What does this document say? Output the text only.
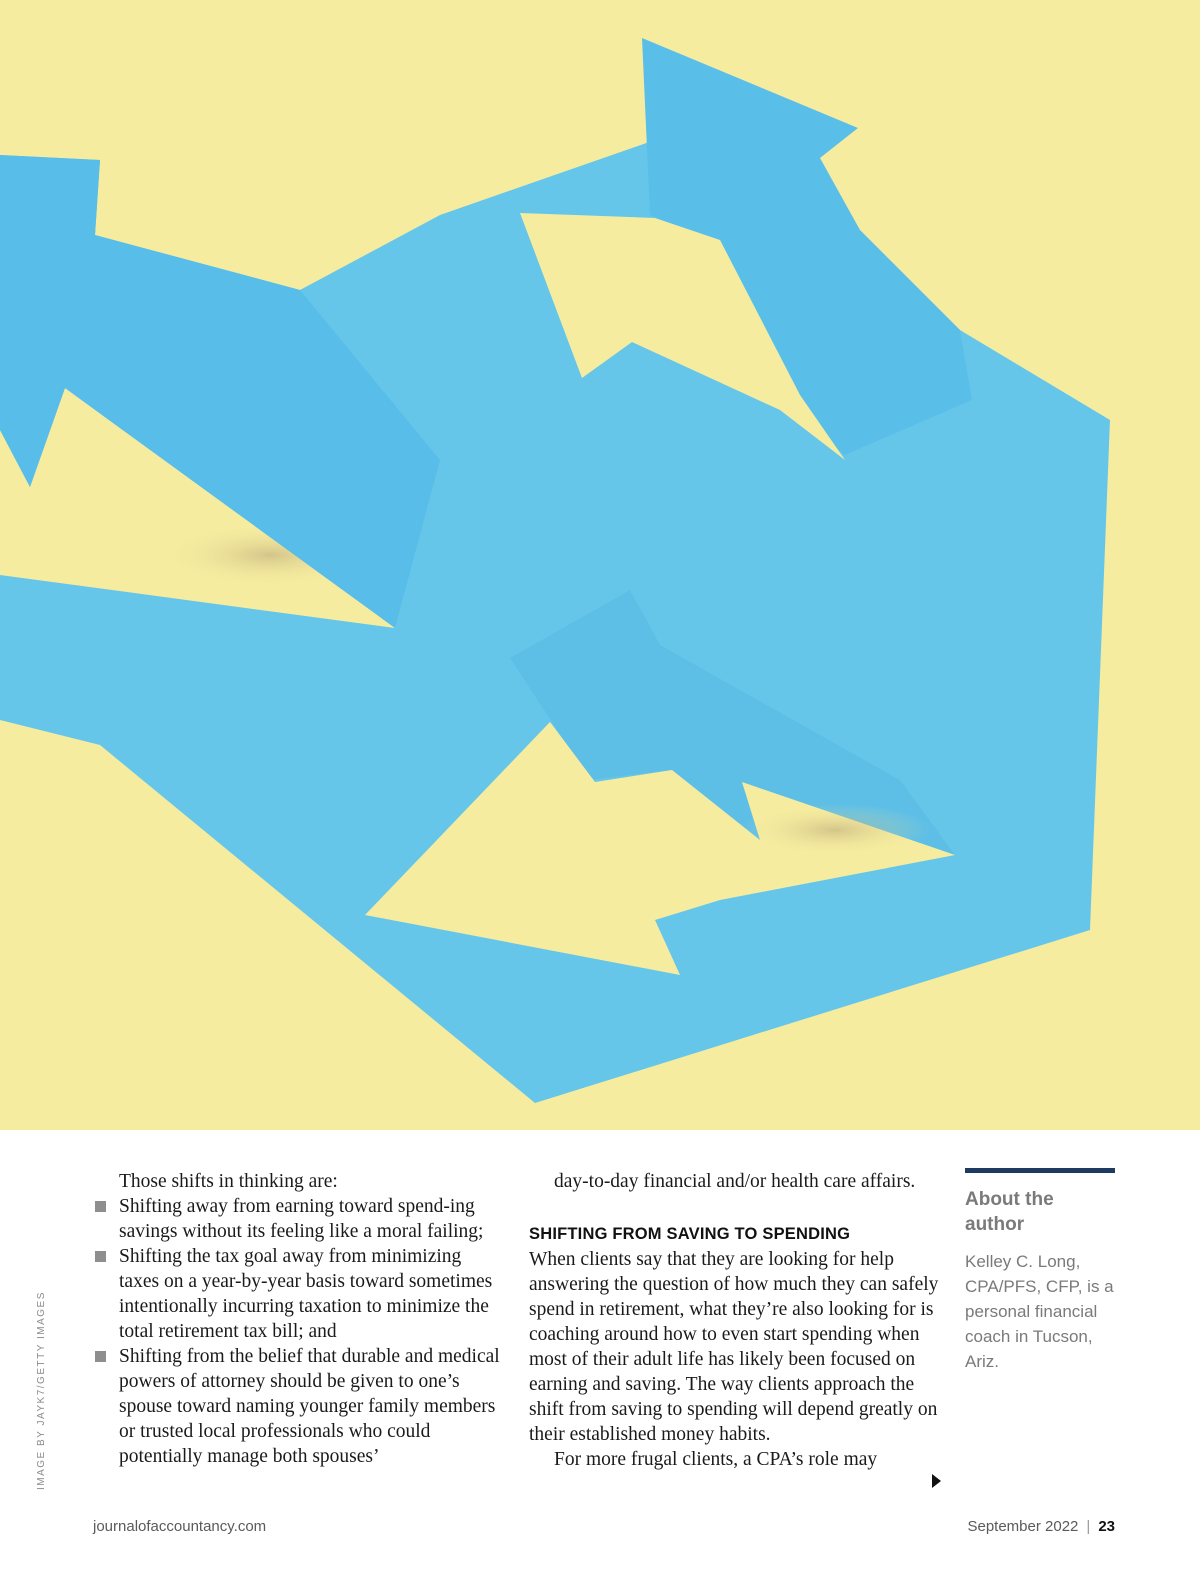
IMAGE BY JAYK7/GETTY IMAGES

Those shifts in thinking are:

Shifting away from earning toward spend-ing savings without its feeling like a moral failing;
Shifting the tax goal away from minimizing taxes on a year-by-year basis toward sometimes intentionally incurring taxation to minimize the total retirement tax bill; and
Shifting from the belief that durable and medical powers of attorney should be given to one’s spouse toward naming younger family members or trusted local professionals who could potentially manage both spouses’

day-to-day financial and/or health care affairs.

SHIFTING FROM SAVING TO SPENDING

When clients say that they are looking for help answering the question of how much they can safely spend in retirement, what they’re also looking for is coaching around how to even start spending when most of their adult life has likely been focused on earning and saving. The way clients approach the shift from saving to spending will depend greatly on their established money habits.

For more frugal clients, a CPA’s role may

About the author

Kelley C. Long, CPA/PFS, CFP, is a personal financial coach in Tucson, Ariz.

journalofaccountancy.com	September 2022 | 23
